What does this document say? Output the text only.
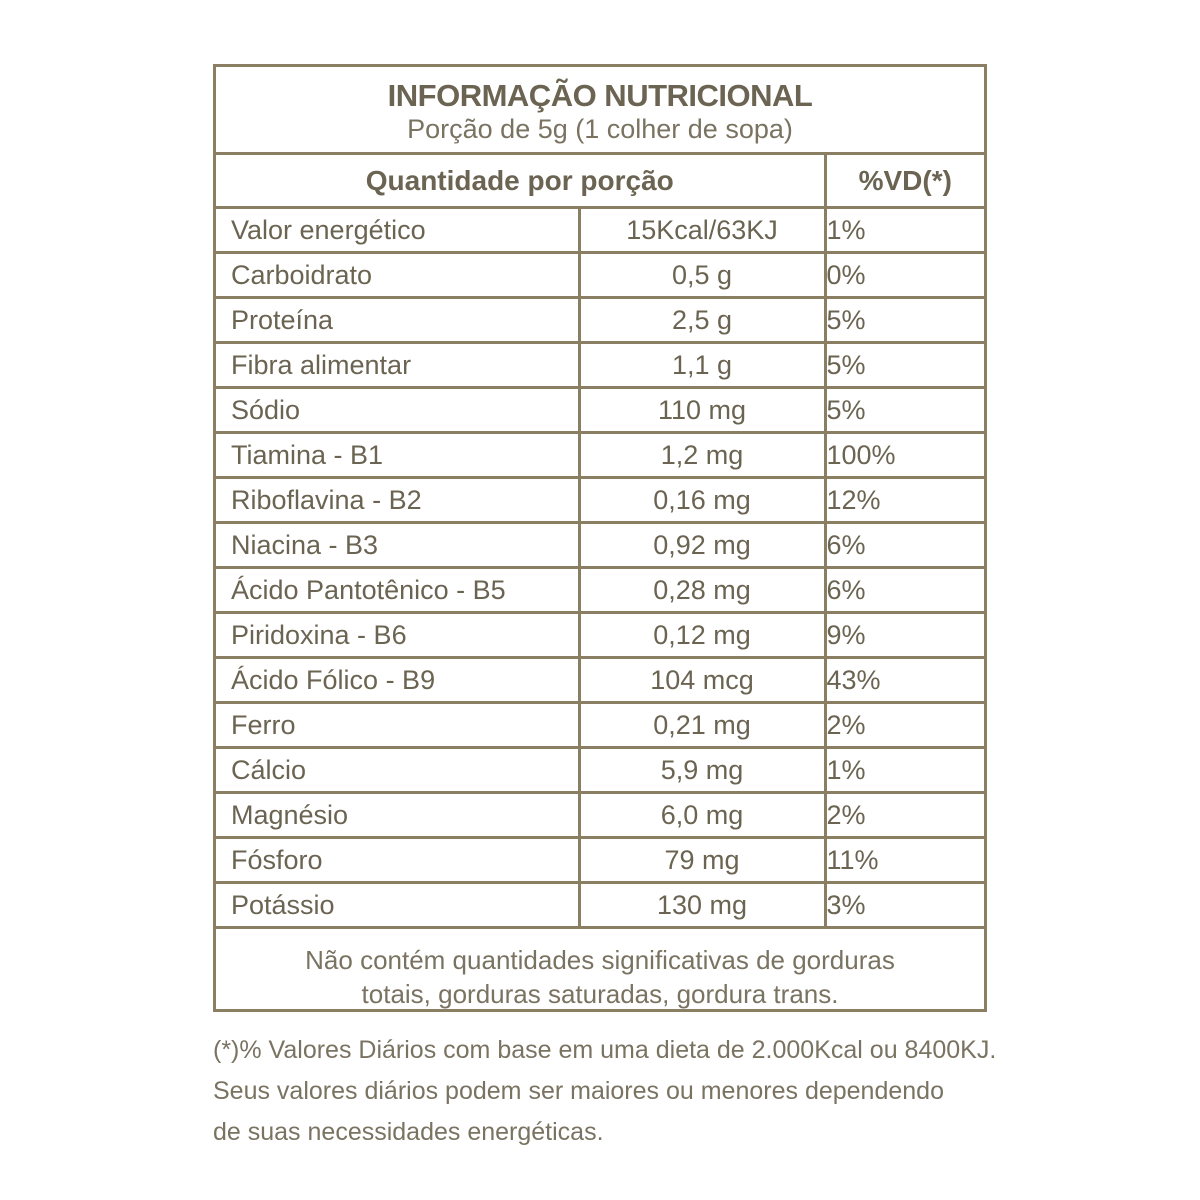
INFORMAÇÃO NUTRICIONAL
Porção de 5g (1 colher de sopa)
Quantidade por porção		%VD(*)
Valor energético	15Kcal/63KJ	1%
Carboidrato	0,5 g	0%
Proteína	2,5 g	5%
Fibra alimentar	1,1 g	5%
Sódio	110 mg	5%
Tiamina - B1	1,2 mg	100%
Riboflavina - B2	0,16 mg	12%
Niacina - B3	0,92 mg	6%
Ácido Pantotênico - B5	0,28 mg	6%
Piridoxina - B6	0,12 mg	9%
Ácido Fólico - B9	104 mcg	43%
Ferro	0,21 mg	2%
Cálcio	5,9 mg	1%
Magnésio	6,0 mg	2%
Fósforo	79 mg	11%
Potássio	130 mg	3%
Não contém quantidades significativas de gorduras
totais, gorduras saturadas, gordura trans.
(*)% Valores Diários com base em uma dieta de 2.000Kcal ou 8400KJ.
Seus valores diários podem ser maiores ou menores dependendo
de suas necessidades energéticas.
